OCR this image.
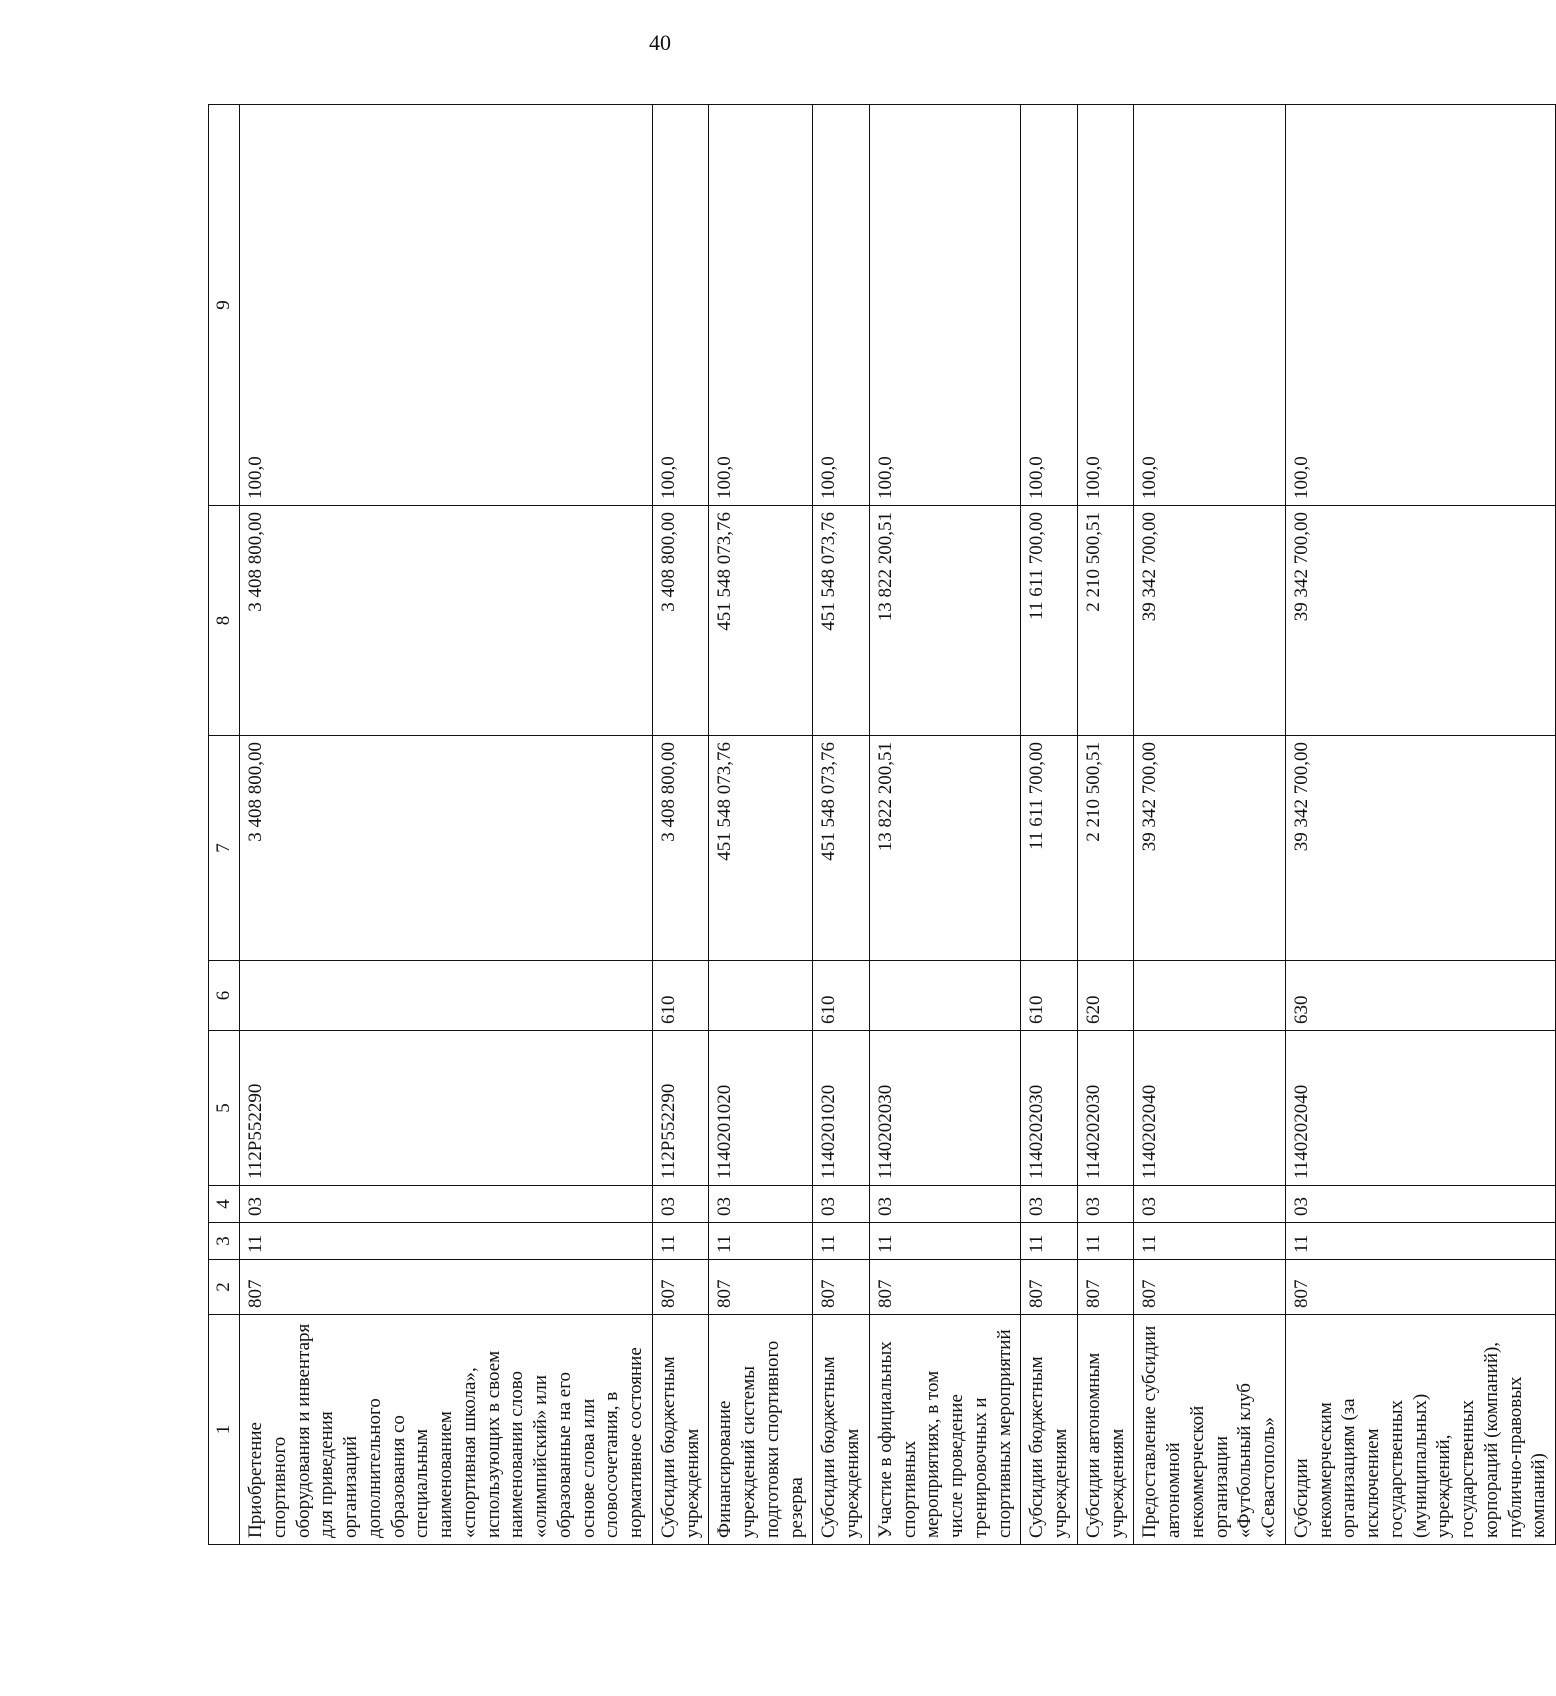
40
1	2	3	4	5	6	7	8	9
Приобретение спортивного оборудования и инвентаря для приведения организаций дополнительного образования со специальным наименованием «спортивная школа», использующих в своем наименовании слово «олимпийский» или образованные на его основе слова или словосочетания, в нормативное состояние	807	11	03	112P552290		3 408 800,00	3 408 800,00	100,0
Субсидии бюджетным учреждениям	807	11	03	112P552290	610	3 408 800,00	3 408 800,00	100,0
Финансирование учреждений системы подготовки спортивного резерва	807	11	03	1140201020		451 548 073,76	451 548 073,76	100,0
Субсидии бюджетным учреждениям	807	11	03	1140201020	610	451 548 073,76	451 548 073,76	100,0
Участие в официальных спортивных мероприятиях, в том числе проведение тренировочных и спортивных мероприятий	807	11	03	1140202030		13 822 200,51	13 822 200,51	100,0
Субсидии бюджетным учреждениям	807	11	03	1140202030	610	11 611 700,00	11 611 700,00	100,0
Субсидии автономным учреждениям	807	11	03	1140202030	620	2 210 500,51	2 210 500,51	100,0
Предоставление субсидии автономной некоммерческой организации «Футбольный клуб «Севастополь»	807	11	03	1140202040		39 342 700,00	39 342 700,00	100,0
Субсидии некоммерческим организациям (за исключением государственных (муниципальных) учреждений, государственных корпораций (компаний), публично-правовых компаний)	807	11	03	1140202040	630	39 342 700,00	39 342 700,00	100,0
